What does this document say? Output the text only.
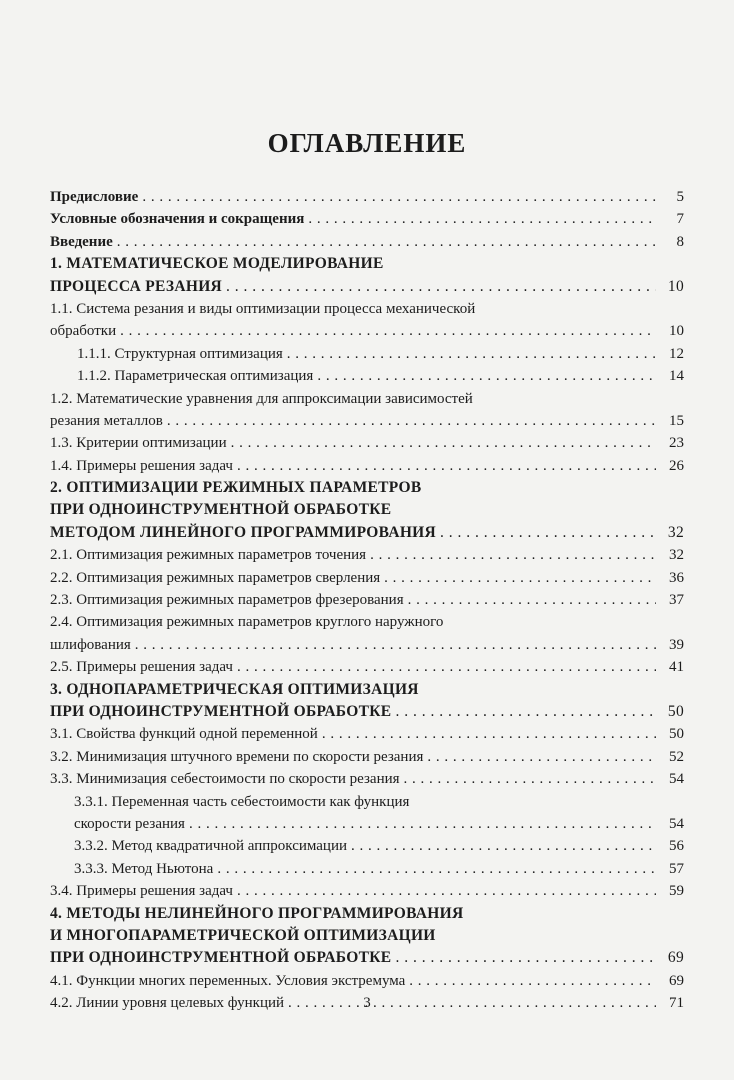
ОГЛАВЛЕНИЕ
Предисловие . . .	5
Условные обозначения и сокращения . . .	7
Введение . . .	8
1. МАТЕМАТИЧЕСКОЕ МОДЕЛИРОВАНИЕ
ПРОЦЕССА РЕЗАНИЯ . . .	10
1.1. Система резания и виды оптимизации процесса механической
обработки . . .	10
1.1.1. Структурная оптимизация . . .	12
1.1.2. Параметрическая оптимизация . . .	14
1.2. Математические уравнения для аппроксимации зависимостей
резания металлов . . .	15
1.3. Критерии оптимизации . . .	23
1.4. Примеры решения задач . . .	26
2. ОПТИМИЗАЦИИ РЕЖИМНЫХ ПАРАМЕТРОВ
ПРИ ОДНОИНСТРУМЕНТНОЙ ОБРАБОТКЕ
МЕТОДОМ ЛИНЕЙНОГО ПРОГРАММИРОВАНИЯ . . .	32
2.1. Оптимизация режимных параметров точения . . .	32
2.2. Оптимизация режимных параметров сверления . . .	36
2.3. Оптимизация режимных параметров фрезерования . . .	37
2.4. Оптимизация режимных параметров круглого наружного
шлифования . . .	39
2.5. Примеры решения задач . . .	41
3. ОДНОПАРАМЕТРИЧЕСКАЯ ОПТИМИЗАЦИЯ
ПРИ ОДНОИНСТРУМЕНТНОЙ ОБРАБОТКЕ . . .	50
3.1. Свойства функций одной переменной . . .	50
3.2. Минимизация штучного времени по скорости резания . . .	52
3.3. Минимизация себестоимости по скорости резания . . .	54
3.3.1. Переменная часть себестоимости как функция
скорости резания . . .	54
3.3.2. Метод квадратичной аппроксимации . . .	56
3.3.3. Метод Ньютона . . .	57
3.4. Примеры решения задач . . .	59
4. МЕТОДЫ НЕЛИНЕЙНОГО ПРОГРАММИРОВАНИЯ
И МНОГОПАРАМЕТРИЧЕСКОЙ ОПТИМИЗАЦИИ
ПРИ ОДНОИНСТРУМЕНТНОЙ ОБРАБОТКЕ . . .	69
4.1. Функции многих переменных. Условия экстремума . . .	69
4.2. Линии уровня целевых функций . . .	71
3
